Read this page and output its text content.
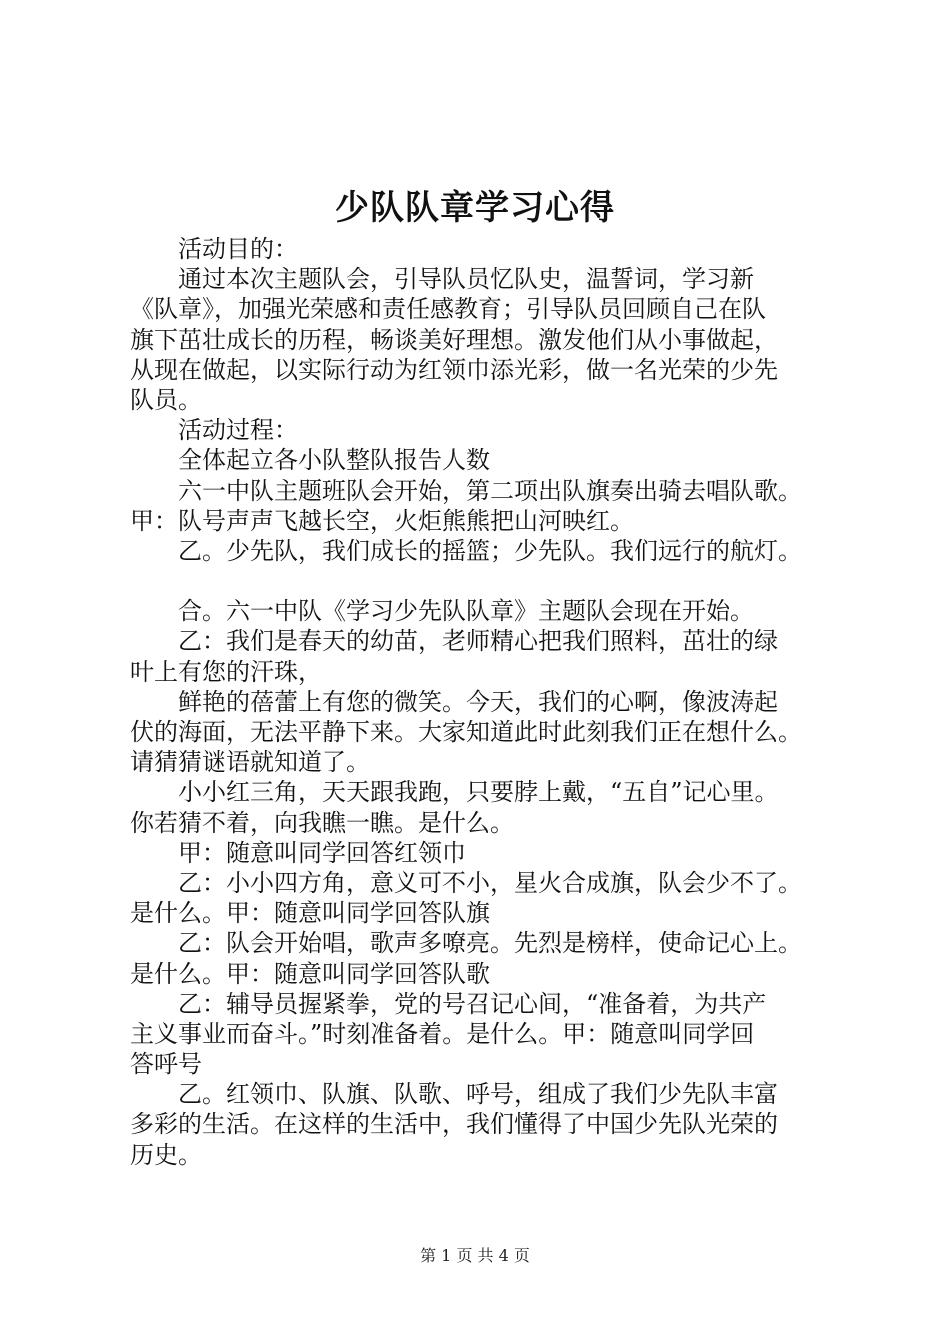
少队队章学习心得
　　活动目的：
　　通过本次主题队会，引导队员忆队史，温誓词，学习新
《队章》，加强光荣感和责任感教育；引导队员回顾自己在队
旗下茁壮成长的历程，畅谈美好理想。激发他们从小事做起，
从现在做起，以实际行动为红领巾添光彩，做一名光荣的少先
队员。
　　活动过程：
　　全体起立各小队整队报告人数
　　六一中队主题班队会开始，第二项出队旗奏出骑去唱队歌。
甲：队号声声飞越长空，火炬熊熊把山河映红。
　　乙。少先队，我们成长的摇篮；少先队。我们远行的航灯。
　　合。六一中队《学习少先队队章》主题队会现在开始。
　　乙：我们是春天的幼苗，老师精心把我们照料，茁壮的绿
叶上有您的汗珠，
　　鲜艳的蓓蕾上有您的微笑。今天，我们的心啊，像波涛起
伏的海面，无法平静下来。大家知道此时此刻我们正在想什么。
请猜猜谜语就知道了。
　　小小红三角，天天跟我跑，只要脖上戴，“五自”记心里。
你若猜不着，向我瞧一瞧。是什么。
　　甲：随意叫同学回答红领巾
　　乙：小小四方角，意义可不小，星火合成旗，队会少不了。
是什么。甲：随意叫同学回答队旗
　　乙：队会开始唱，歌声多嘹亮。先烈是榜样，使命记心上。
是什么。甲：随意叫同学回答队歌
　　乙：辅导员握紧拳，党的号召记心间，“准备着，为共产
主义事业而奋斗。”时刻准备着。是什么。甲：随意叫同学回
答呼号
　　乙。红领巾、队旗、队歌、呼号，组成了我们少先队丰富
多彩的生活。在这样的生活中，我们懂得了中国少先队光荣的
历史。
第 1 页 共 4 页
